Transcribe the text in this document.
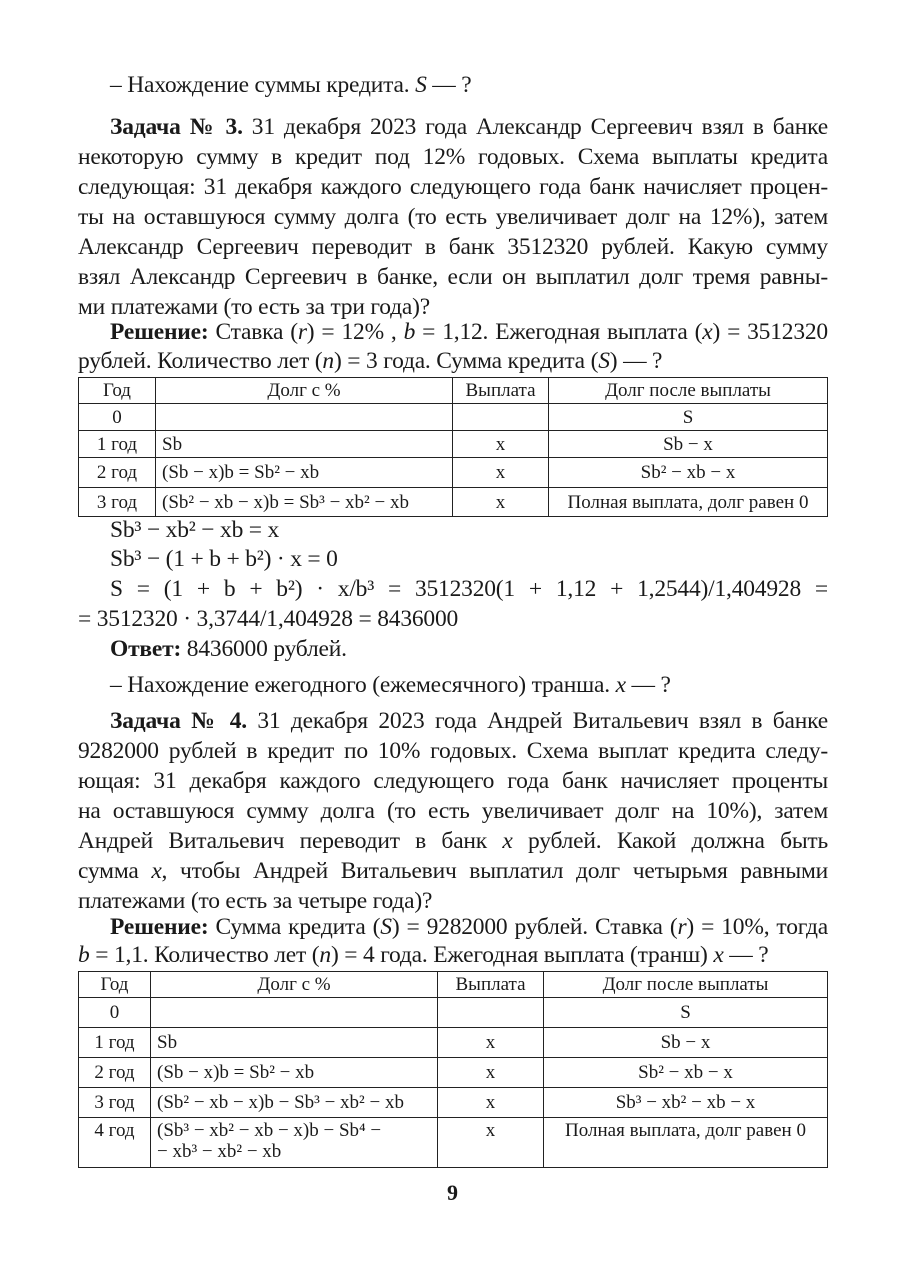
– Нахождение суммы кредита. S — ?
Задача № 3. 31 декабря 2023 года Александр Сергеевич взял в банке
некоторую сумму в кредит под 12% годовых. Схема выплаты кредита
следующая: 31 декабря каждого следующего года банк начисляет процен-
ты на оставшуюся сумму долга (то есть увеличивает долг на 12%), затем
Александр Сергеевич переводит в банк 3512320 рублей. Какую сумму
взял Александр Сергеевич в банке, если он выплатил долг тремя равны-
ми платежами (то есть за три года)?
Решение: Ставка (r) = 12% , b = 1,12. Ежегодная выплата (x) = 3512320
рублей. Количество лет (n) = 3 года. Сумма кредита (S) — ?
Год	Долг с %	Выплата	Долг после выплаты
0			S
1 год	Sb	x	Sb − x
2 год	(Sb − x)b = Sb² − xb	x	Sb² − xb − x
3 год	(Sb² − xb − x)b = Sb³ − xb² − xb	x	Полная выплата, долг равен 0
Sb³ − xb² − xb = x
Sb³ − (1 + b + b²) · x = 0
S = (1 + b + b²) · x/b³ = 3512320(1 + 1,12 + 1,2544)/1,404928 =
= 3512320 · 3,3744/1,404928 = 8436000
Ответ: 8436000 рублей.
– Нахождение ежегодного (ежемесячного) транша. x — ?
Задача № 4. 31 декабря 2023 года Андрей Витальевич взял в банке
9282000 рублей в кредит по 10% годовых. Схема выплат кредита следу-
ющая: 31 декабря каждого следующего года банк начисляет проценты
на оставшуюся сумму долга (то есть увеличивает долг на 10%), затем
Андрей Витальевич переводит в банк x рублей. Какой должна быть
сумма x, чтобы Андрей Витальевич выплатил долг четырьмя равными
платежами (то есть за четыре года)?
Решение: Сумма кредита (S) = 9282000 рублей. Ставка (r) = 10%, тогда
b = 1,1. Количество лет (n) = 4 года. Ежегодная выплата (транш) x — ?
Год	Долг с %	Выплата	Долг после выплаты
0			S
1 год	Sb	x	Sb − x
2 год	(Sb − x)b = Sb² − xb	x	Sb² − xb − x
3 год	(Sb² − xb − x)b − Sb³ − xb² − xb	x	Sb³ − xb² − xb − x
4 год	(Sb³ − xb² − xb − x)b − Sb⁴ −
− xb³ − xb² − xb	x	Полная выплата, долг равен 0
9
